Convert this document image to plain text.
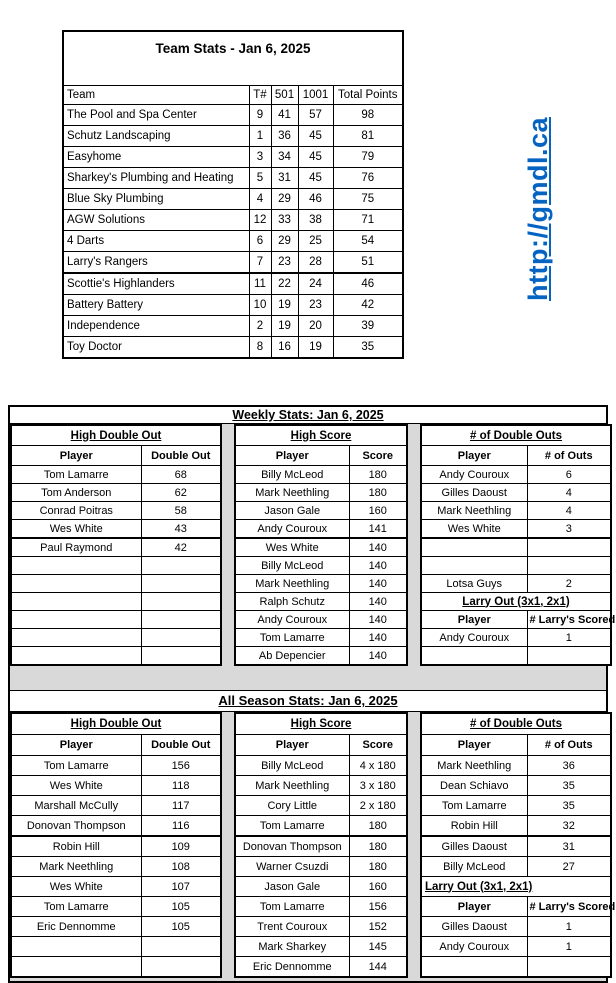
Team Stats - Jan 6, 2025				
Team	T#	501	1001	Total Points
The Pool and Spa Center	9	41	57	98
Schutz Landscaping	1	36	45	81
Easyhome	3	34	45	79
Sharkey's Plumbing and Heating	5	31	45	76
Blue Sky Plumbing	4	29	46	75
AGW Solutions	12	33	38	71
4 Darts	6	29	25	54
Larry's Rangers	7	23	28	51
Scottie's Highlanders	11	22	24	46
Battery Battery	10	19	23	42
Independence	2	19	20	39
Toy Doctor	8	16	19	35
http://gmdl.ca
Weekly Stats: Jan 6, 2025
High Double Out	
Player	Double Out
Tom Lamarre	68
Tom Anderson	62
Conrad Poitras	58
Wes White	43
Paul Raymond	42

High Score	
Player	Score
Billy McLeod	180
Mark Neethling	180
Jason Gale	160
Andy Couroux	141
Wes White	140
Billy McLeod	140
Mark Neethling	140
Ralph Schutz	140
Andy Couroux	140
Tom Lamarre	140
Ab Depencier	140
# of Double Outs	
Player	# of Outs
Andy Couroux	6
Gilles Daoust	4
Mark Neethling	4
Wes White	3

Lotsa Guys	2
Larry Out (3x1, 2x1)	
Player	# Larry's Scored
Andy Couroux	1

All Season Stats: Jan 6, 2025
High Double Out	
Player	Double Out
Tom Lamarre	156
Wes White	118
Marshall McCully	117
Donovan Thompson	116
Robin Hill	109
Mark Neethling	108
Wes White	107
Tom Lamarre	105
Eric Dennomme	105

High Score	
Player	Score
Billy McLeod	4 x 180
Mark Neethling	3 x 180
Cory Little	2 x 180
Tom Lamarre	180
Donovan Thompson	180
Warner Csuzdi	180
Jason Gale	160
Tom Lamarre	156
Trent Couroux	152
Mark Sharkey	145
Eric Dennomme	144
# of Double Outs	
Player	# of Outs
Mark Neethling	36
Dean Schiavo	35
Tom Lamarre	35
Robin Hill	32
Gilles Daoust	31
Billy McLeod	27
Larry Out (3x1, 2x1)	
Player	# Larry's Scored
Gilles Daoust	1
Andy Couroux	1
